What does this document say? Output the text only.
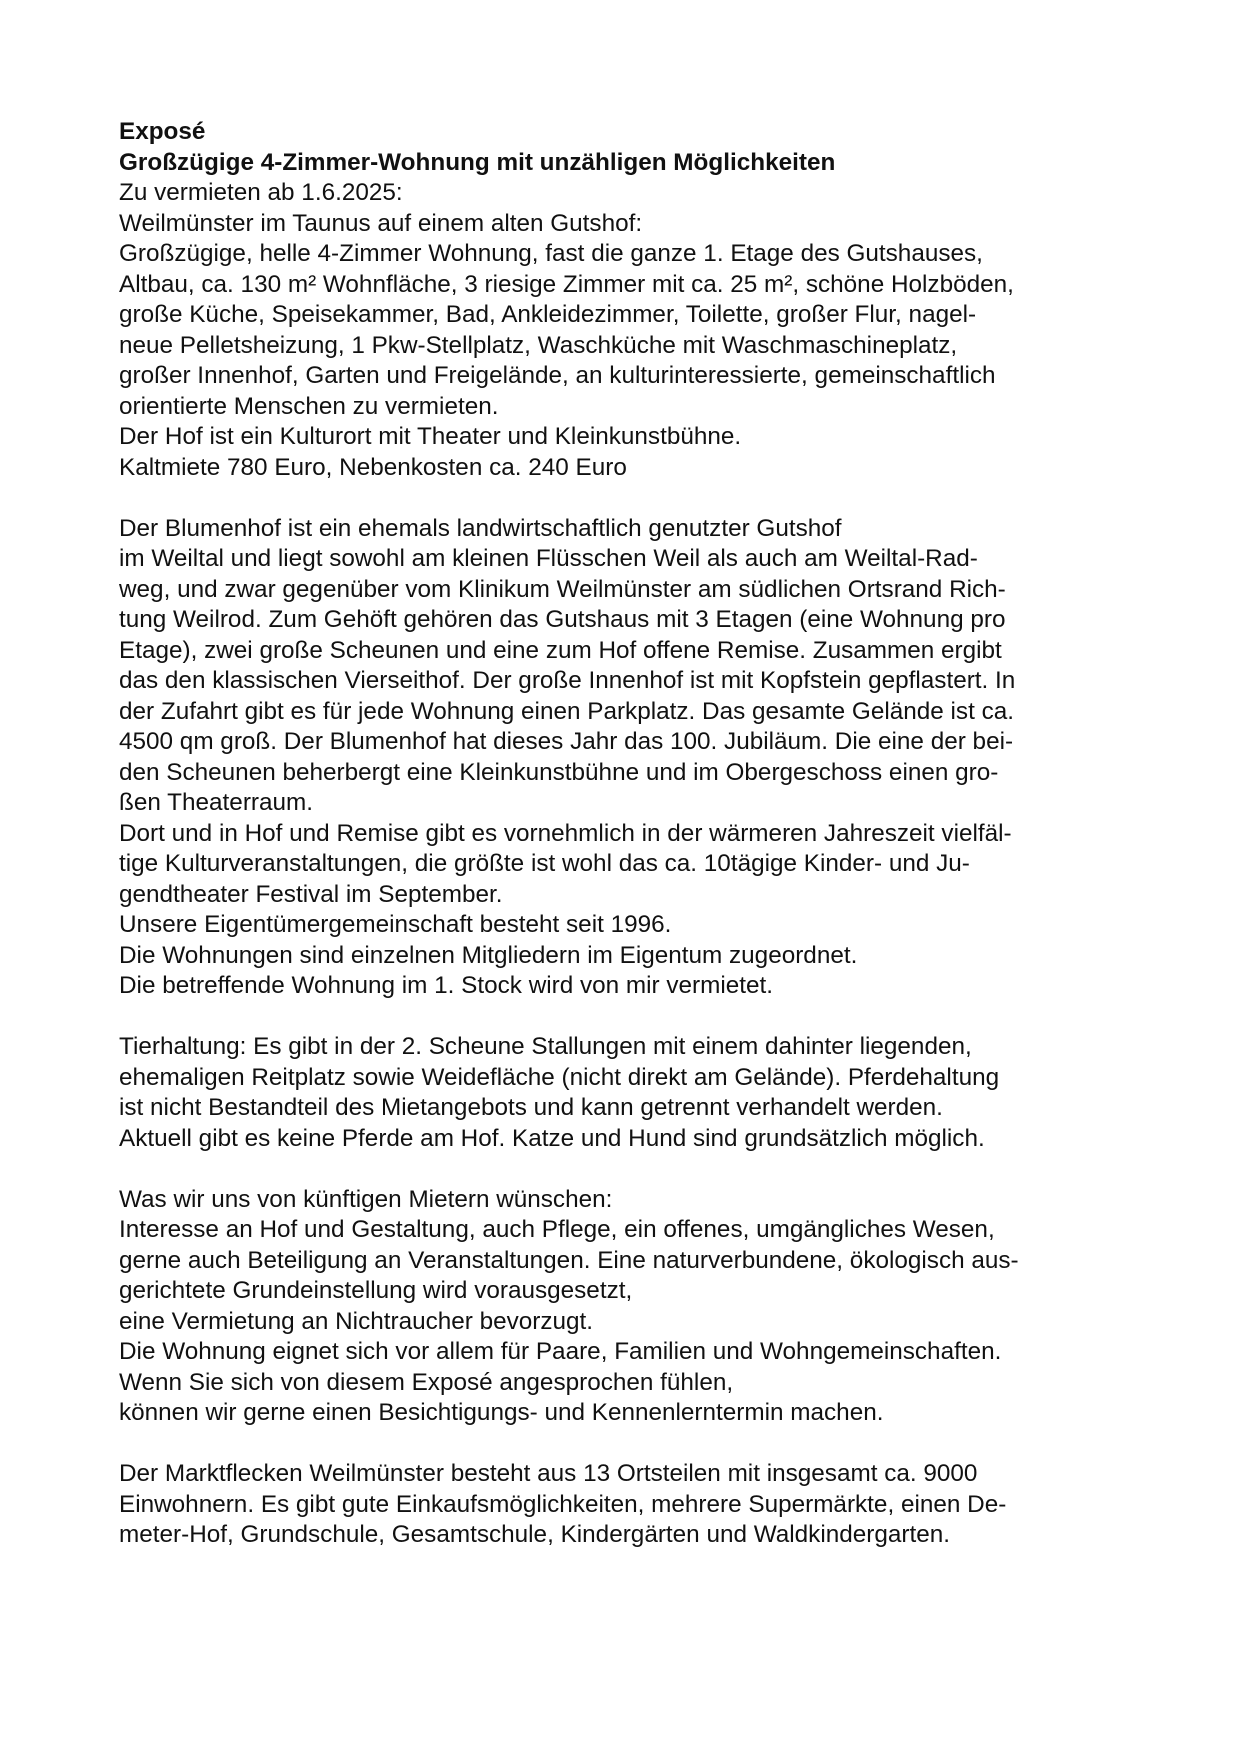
Exposé
Großzügige 4-Zimmer-Wohnung mit unzähligen Möglichkeiten
Zu vermieten ab 1.6.2025:
Weilmünster im Taunus auf einem alten Gutshof:
Großzügige, helle 4-Zimmer Wohnung, fast die ganze 1. Etage des Gutshauses,
Altbau, ca. 130 m² Wohnfläche, 3 riesige Zimmer mit ca. 25 m², schöne Holzböden,
große Küche, Speisekammer, Bad, Ankleidezimmer, Toilette, großer Flur, nagel-
neue Pelletsheizung, 1 Pkw-Stellplatz, Waschküche mit Waschmaschineplatz,
großer Innenhof, Garten und Freigelände, an kulturinteressierte, gemeinschaftlich
orientierte Menschen zu vermieten.
Der Hof ist ein Kulturort mit Theater und Kleinkunstbühne.
Kaltmiete 780 Euro, Nebenkosten ca. 240 Euro
Der Blumenhof ist ein ehemals landwirtschaftlich genutzter Gutshof
im Weiltal und liegt sowohl am kleinen Flüsschen Weil als auch am Weiltal-Rad-
weg, und zwar gegenüber vom Klinikum Weilmünster am südlichen Ortsrand Rich-
tung Weilrod. Zum Gehöft gehören das Gutshaus mit 3 Etagen (eine Wohnung pro
Etage), zwei große Scheunen und eine zum Hof offene Remise. Zusammen ergibt
das den klassischen Vierseithof. Der große Innenhof ist mit Kopfstein gepflastert. In
der Zufahrt gibt es für jede Wohnung einen Parkplatz. Das gesamte Gelände ist ca.
4500 qm groß. Der Blumenhof hat dieses Jahr das 100. Jubiläum. Die eine der bei-
den Scheunen beherbergt eine Kleinkunstbühne und im Obergeschoss einen gro-
ßen Theaterraum.
Dort und in Hof und Remise gibt es vornehmlich in der wärmeren Jahreszeit vielfäl-
tige Kulturveranstaltungen, die größte ist wohl das ca. 10tägige Kinder- und Ju-
gendtheater Festival im September.
Unsere Eigentümergemeinschaft besteht seit 1996.
Die Wohnungen sind einzelnen Mitgliedern im Eigentum zugeordnet.
Die betreffende Wohnung im 1. Stock wird von mir vermietet.
Tierhaltung: Es gibt in der 2. Scheune Stallungen mit einem dahinter liegenden,
ehemaligen Reitplatz sowie Weidefläche (nicht direkt am Gelände). Pferdehaltung
ist nicht Bestandteil des Mietangebots und kann getrennt verhandelt werden.
Aktuell gibt es keine Pferde am Hof. Katze und Hund sind grundsätzlich möglich.
Was wir uns von künftigen Mietern wünschen:
Interesse an Hof und Gestaltung, auch Pflege, ein offenes, umgängliches Wesen,
gerne auch Beteiligung an Veranstaltungen. Eine naturverbundene, ökologisch aus-
gerichtete Grundeinstellung wird vorausgesetzt,
eine Vermietung an Nichtraucher bevorzugt.
Die Wohnung eignet sich vor allem für Paare, Familien und Wohngemeinschaften.
Wenn Sie sich von diesem Exposé angesprochen fühlen,
können wir gerne einen Besichtigungs- und Kennenlerntermin machen.
Der Marktflecken Weilmünster besteht aus 13 Ortsteilen mit insgesamt ca. 9000
Einwohnern. Es gibt gute Einkaufsmöglichkeiten, mehrere Supermärkte, einen De-
meter-Hof, Grundschule, Gesamtschule, Kindergärten und Waldkindergarten.
